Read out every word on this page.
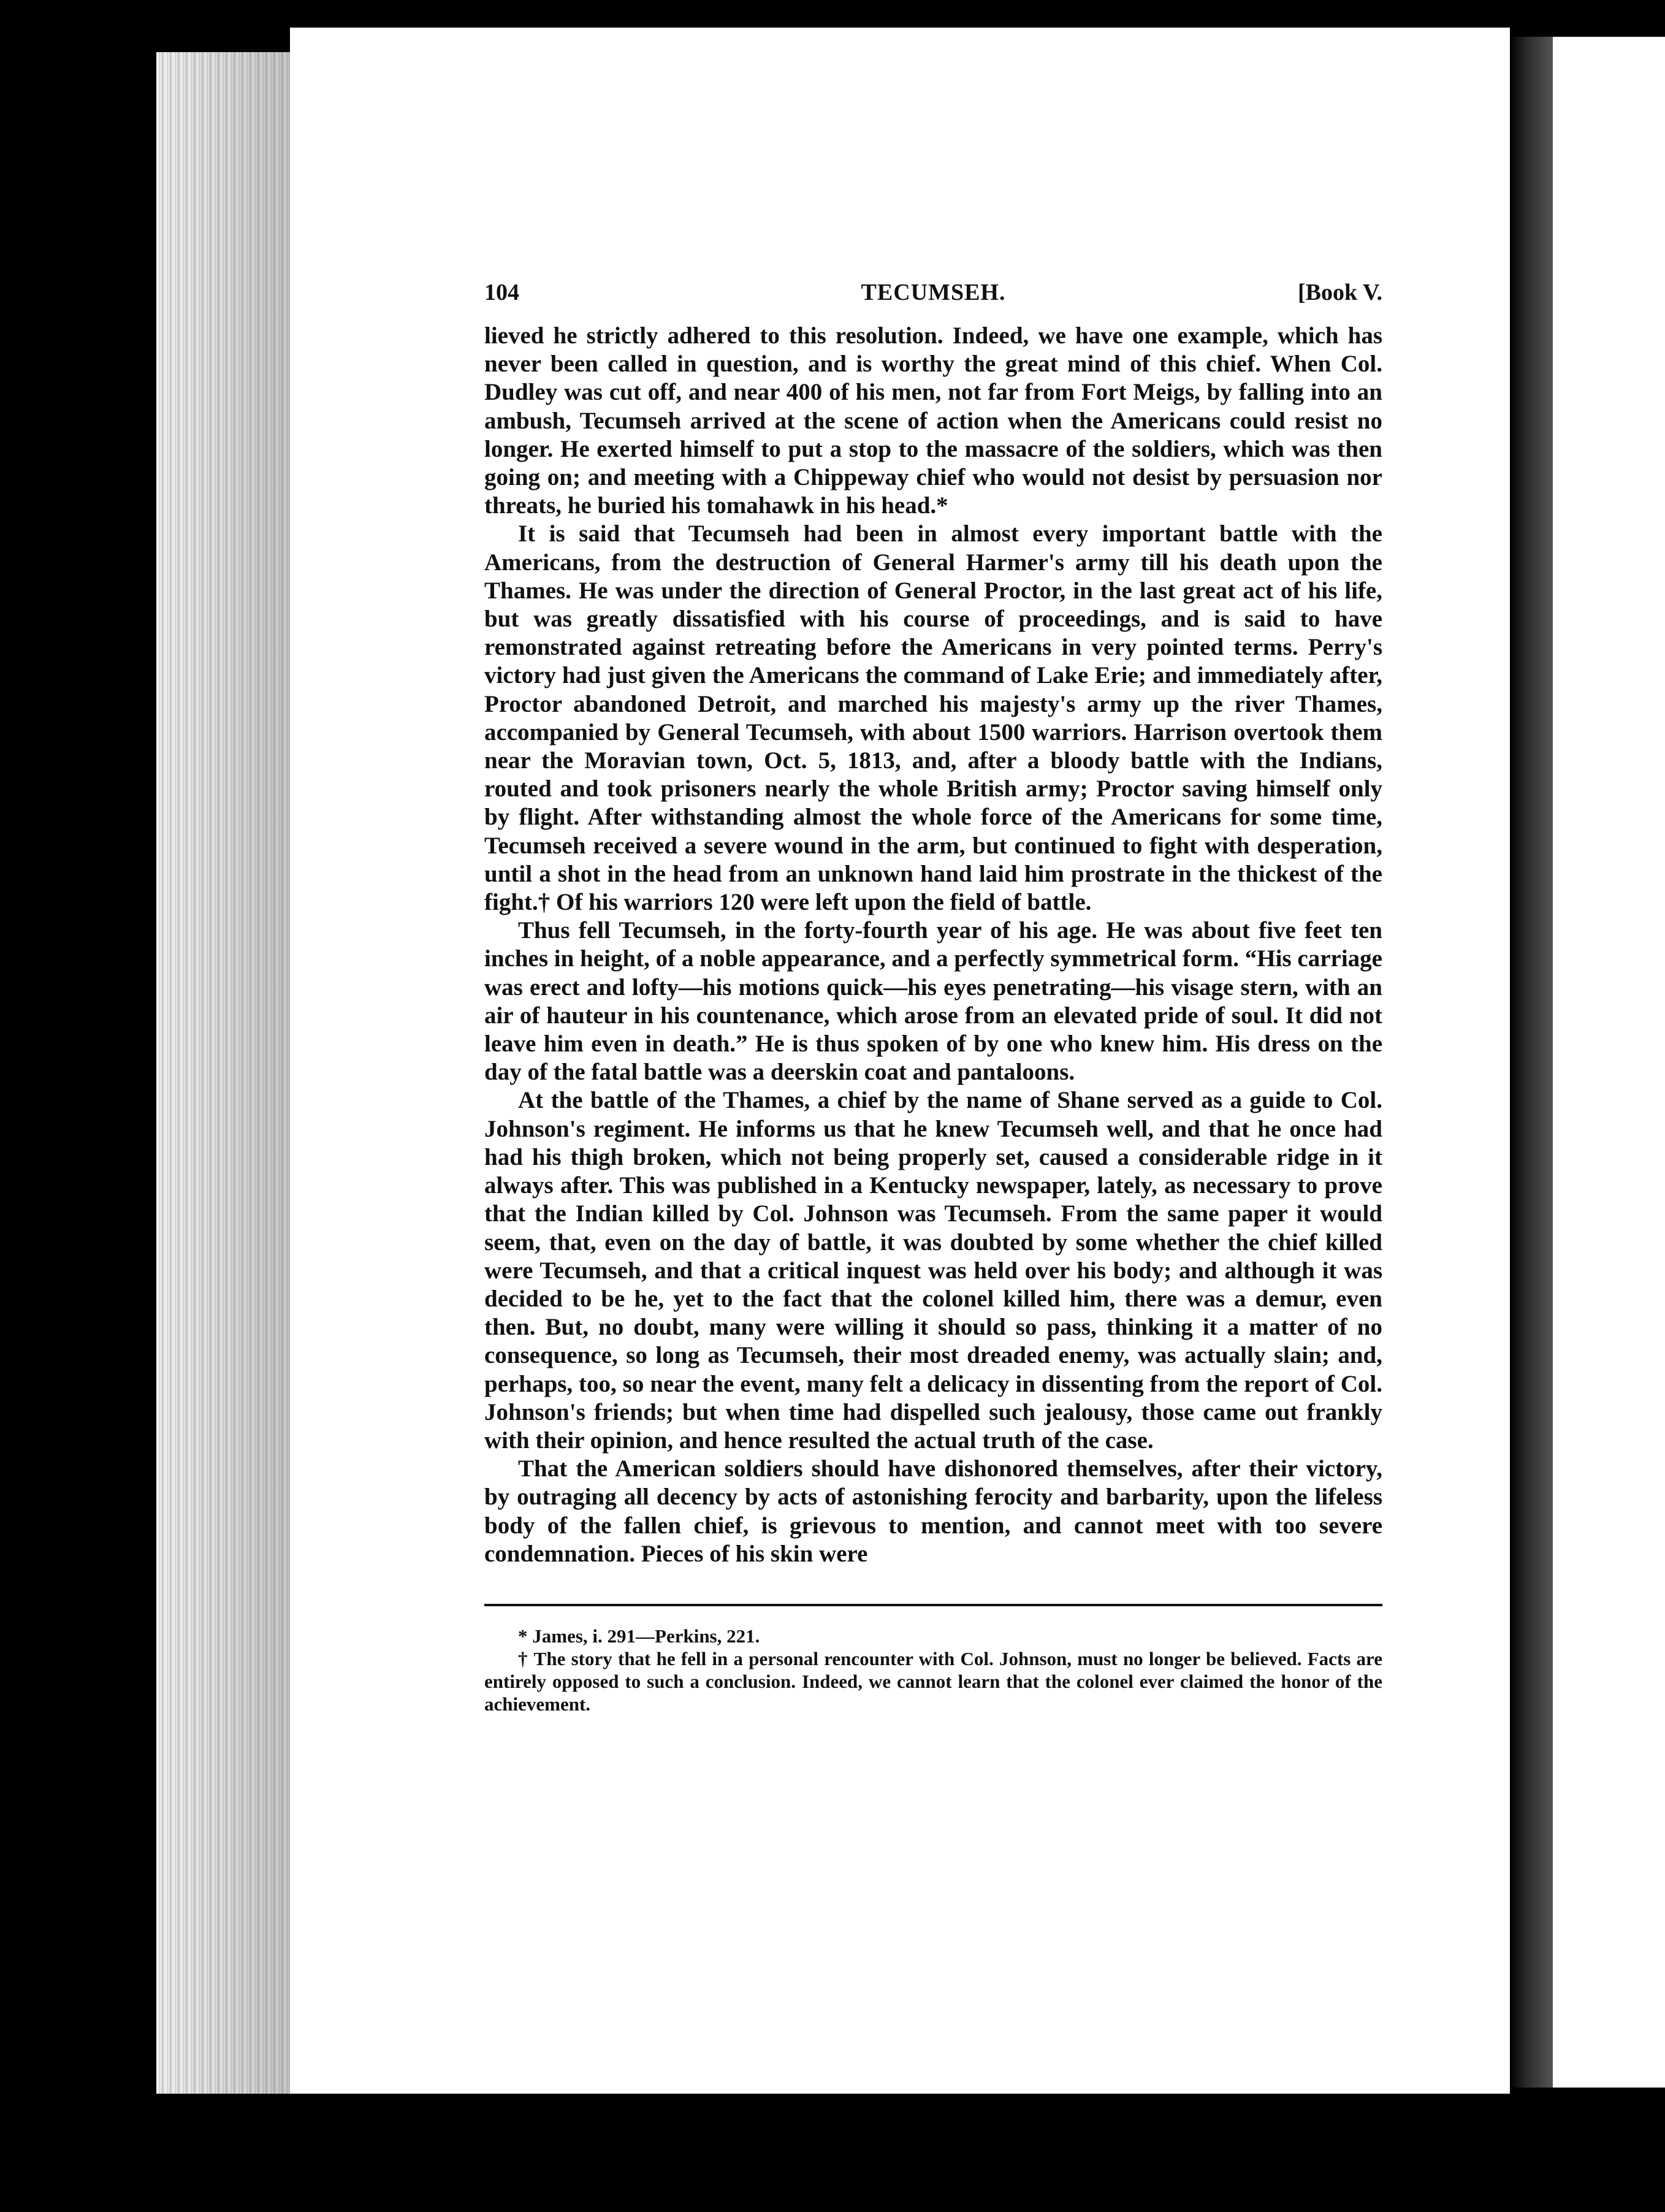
104	TECUMSEH.	[Book V.

lieved he strictly adhered to this resolution. Indeed, we have one example, which has never been called in question, and is worthy the great mind of this chief. When Col. Dudley was cut off, and near 400 of his men, not far from Fort Meigs, by falling into an ambush, Tecumseh arrived at the scene of action when the Americans could resist no longer. He exerted himself to put a stop to the massacre of the soldiers, which was then going on; and meeting with a Chippeway chief who would not desist by persuasion nor threats, he buried his tomahawk in his head.*

It is said that Tecumseh had been in almost every important battle with the Americans, from the destruction of General Harmer's army till his death upon the Thames. He was under the direction of General Proctor, in the last great act of his life, but was greatly dissatisfied with his course of proceedings, and is said to have remonstrated against retreating before the Americans in very pointed terms. Perry's victory had just given the Americans the command of Lake Erie; and immediately after, Proctor abandoned Detroit, and marched his majesty's army up the river Thames, accompanied by General Tecumseh, with about 1500 warriors. Harrison overtook them near the Moravian town, Oct. 5, 1813, and, after a bloody battle with the Indians, routed and took prisoners nearly the whole British army; Proctor saving himself only by flight. After withstanding almost the whole force of the Americans for some time, Tecumseh received a severe wound in the arm, but continued to fight with desperation, until a shot in the head from an unknown hand laid him prostrate in the thickest of the fight.† Of his warriors 120 were left upon the field of battle.

Thus fell Tecumseh, in the forty-fourth year of his age. He was about five feet ten inches in height, of a noble appearance, and a perfectly symmetrical form. “His carriage was erect and lofty—his motions quick—his eyes penetrating—his visage stern, with an air of hauteur in his countenance, which arose from an elevated pride of soul. It did not leave him even in death.” He is thus spoken of by one who knew him. His dress on the day of the fatal battle was a deerskin coat and pantaloons.

At the battle of the Thames, a chief by the name of Shane served as a guide to Col. Johnson's regiment. He informs us that he knew Tecumseh well, and that he once had had his thigh broken, which not being properly set, caused a considerable ridge in it always after. This was published in a Kentucky newspaper, lately, as necessary to prove that the Indian killed by Col. Johnson was Tecumseh. From the same paper it would seem, that, even on the day of battle, it was doubted by some whether the chief killed were Tecumseh, and that a critical inquest was held over his body; and although it was decided to be he, yet to the fact that the colonel killed him, there was a demur, even then. But, no doubt, many were willing it should so pass, thinking it a matter of no consequence, so long as Tecumseh, their most dreaded enemy, was actually slain; and, perhaps, too, so near the event, many felt a delicacy in dissenting from the report of Col. Johnson's friends; but when time had dispelled such jealousy, those came out frankly with their opinion, and hence resulted the actual truth of the case.

That the American soldiers should have dishonored themselves, after their victory, by outraging all decency by acts of astonishing ferocity and barbarity, upon the lifeless body of the fallen chief, is grievous to mention, and cannot meet with too severe condemnation. Pieces of his skin were

* James, i. 291—Perkins, 221.

† The story that he fell in a personal rencounter with Col. Johnson, must no longer be believed. Facts are entirely opposed to such a conclusion. Indeed, we cannot learn that the colonel ever claimed the honor of the achievement.
